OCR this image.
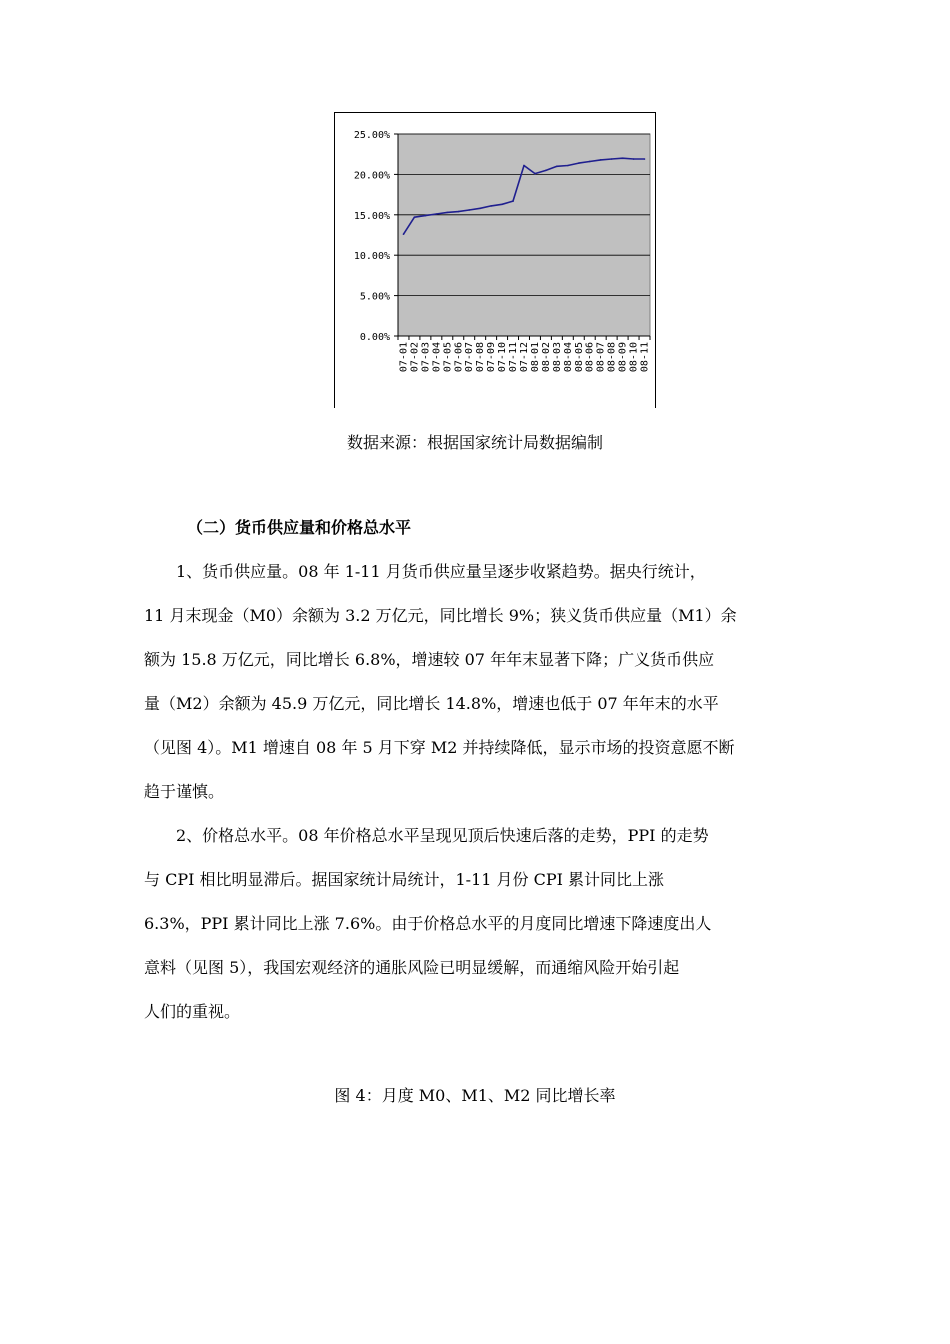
25.00%
20.00%
15.00%
10.00%
5.00%
0.00%
07-01 07-02 07-03 07-04 07-05 07-06 07-07 07-08 07-09 07-10 07-11 07-12 08-01 08-02 08-03 08-04 08-05 08-06 08-07 08-08 08-09 08-10 08-11
数据来源：根据国家统计局数据编制
（二）货币供应量和价格总水平

　　1、货币供应量。08 年 1-11 月货币供应量呈逐步收紧趋势。据央行统计，
11 月末现金（M0）余额为 3.2 万亿元，同比增长 9%；狭义货币供应量（M1）余
额为 15.8 万亿元，同比增长 6.8%，增速较 07 年年末显著下降；广义货币供应
量（M2）余额为 45.9 万亿元，同比增长 14.8%，增速也低于 07 年年末的水平
（见图 4）。M1 增速自 08 年 5 月下穿 M2 并持续降低，显示市场的投资意愿不断
趋于谨慎。

　　2、价格总水平。08 年价格总水平呈现见顶后快速后落的走势，PPI 的走势
与 CPI 相比明显滞后。据国家统计局统计，1-11 月份 CPI 累计同比上涨
6.3%，PPI 累计同比上涨 7.6%。由于价格总水平的月度同比增速下降速度出人
意料（见图 5），我国宏观经济的通胀风险已明显缓解，而通缩风险开始引起
人们的重视。

图 4：月度 M0、M1、M2 同比增长率
